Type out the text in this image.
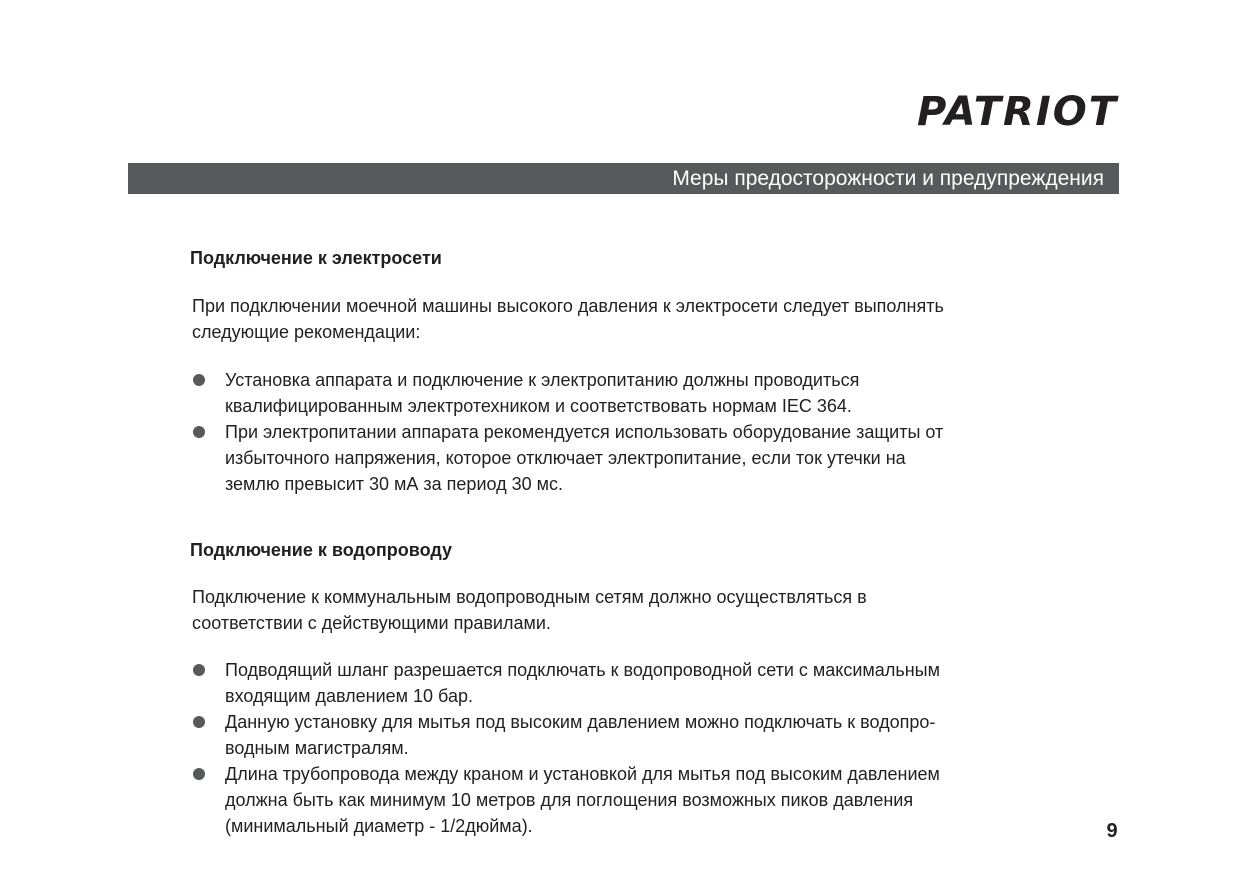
PATRIOT
Меры предосторожности и предупреждения
Подключение к электросети

При подключении моечной машины высокого давления к электросети следует выполнять
следующие рекомендации:

Установка аппарата и подключение к электропитанию должны проводиться
квалифицированным электротехником и соответствовать нормам IEC 364.
При электропитании аппарата рекомендуется использовать оборудование защиты от
избыточного напряжения, которое отключает электропитание, если ток утечки на
землю превысит 30 мА за период 30 мс.
Подключение к водопроводу

Подключение к коммунальным водопроводным сетям должно осуществляться в
соответствии с действующими правилами.

Подводящий шланг разрешается подключать к водопроводной сети с максимальным
входящим давлением 10 бар.
Данную установку для мытья под высоким давлением можно подключать к водопро-
водным магистралям.
Длина трубопровода между краном и установкой для мытья под высоким давлением
должна быть как минимум 10 метров для поглощения возможных пиков давления
(минимальный диаметр - 1/2дюйма).	9
